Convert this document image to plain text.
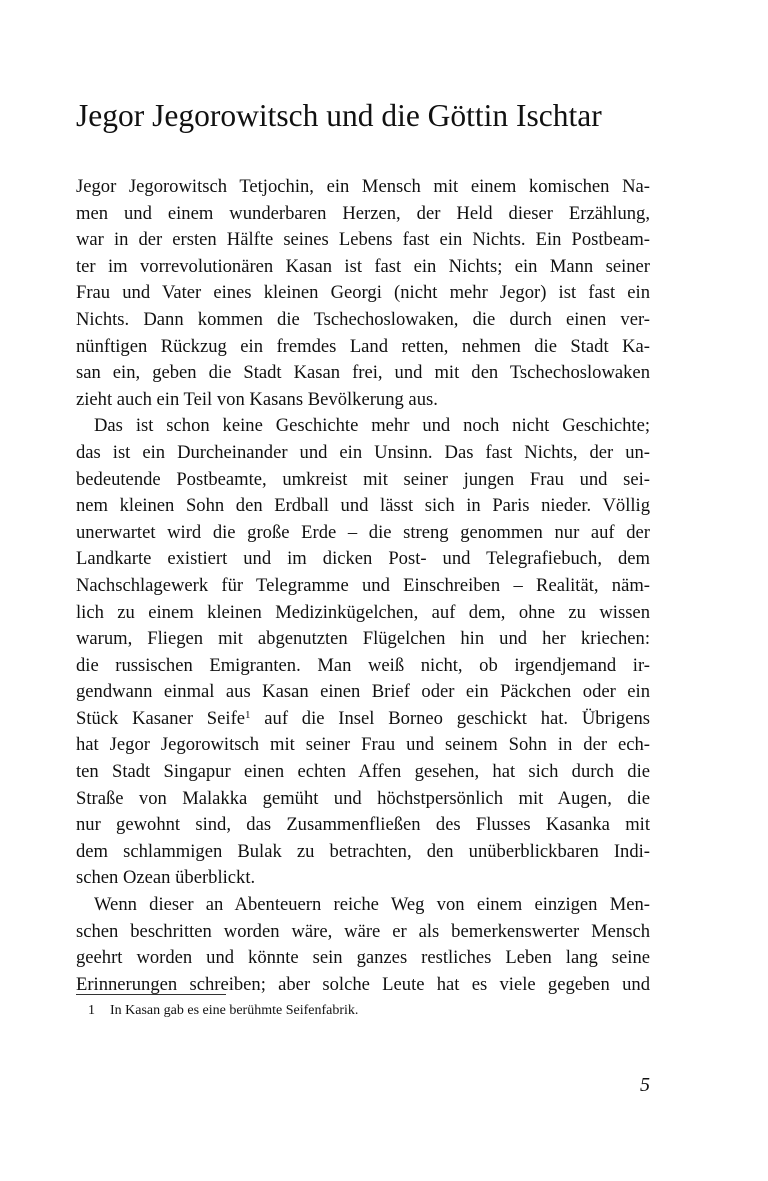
Jegor Jegorowitsch und die Göttin Ischtar
Jegor Jegorowitsch Tetjochin, ein Mensch mit einem komischen Na-
men und einem wunderbaren Herzen, der Held dieser Erzählung,
war in der ersten Hälfte seines Lebens fast ein Nichts. Ein Postbeam-
ter im vorrevolutionären Kasan ist fast ein Nichts; ein Mann seiner
Frau und Vater eines kleinen Georgi (nicht mehr Jegor) ist fast ein
Nichts. Dann kommen die Tschechoslowaken, die durch einen ver-
nünftigen Rückzug ein fremdes Land retten, nehmen die Stadt Ka-
san ein, geben die Stadt Kasan frei, und mit den Tschechoslowaken
zieht auch ein Teil von Kasans Bevölkerung aus.
Das ist schon keine Geschichte mehr und noch nicht Geschichte;
das ist ein Durcheinander und ein Unsinn. Das fast Nichts, der un-
bedeutende Postbeamte, umkreist mit seiner jungen Frau und sei-
nem kleinen Sohn den Erdball und lässt sich in Paris nieder. Völlig
unerwartet wird die große Erde – die streng genommen nur auf der
Landkarte existiert und im dicken Post- und Telegrafiebuch, dem
Nachschlagewerk für Telegramme und Einschreiben – Realität, näm-
lich zu einem kleinen Medizinkügelchen, auf dem, ohne zu wissen
warum, Fliegen mit abgenutzten Flügelchen hin und her kriechen:
die russischen Emigranten. Man weiß nicht, ob irgendjemand ir-
gendwann einmal aus Kasan einen Brief oder ein Päckchen oder ein
Stück Kasaner Seife$^1$ auf die Insel Borneo geschickt hat. Übrigens
hat Jegor Jegorowitsch mit seiner Frau und seinem Sohn in der ech-
ten Stadt Singapur einen echten Affen gesehen, hat sich durch die
Straße von Malakka gemüht und höchstpersönlich mit Augen, die
nur gewohnt sind, das Zusammenfließen des Flusses Kasanka mit
dem schlammigen Bulak zu betrachten, den unüberblickbaren Indi-
schen Ozean überblickt.
Wenn dieser an Abenteuern reiche Weg von einem einzigen Men-
schen beschritten worden wäre, wäre er als bemerkenswerter Mensch
geehrt worden und könnte sein ganzes restliches Leben lang seine
Erinnerungen schreiben; aber solche Leute hat es viele gegeben und
1 In Kasan gab es eine berühmte Seifenfabrik.
5
